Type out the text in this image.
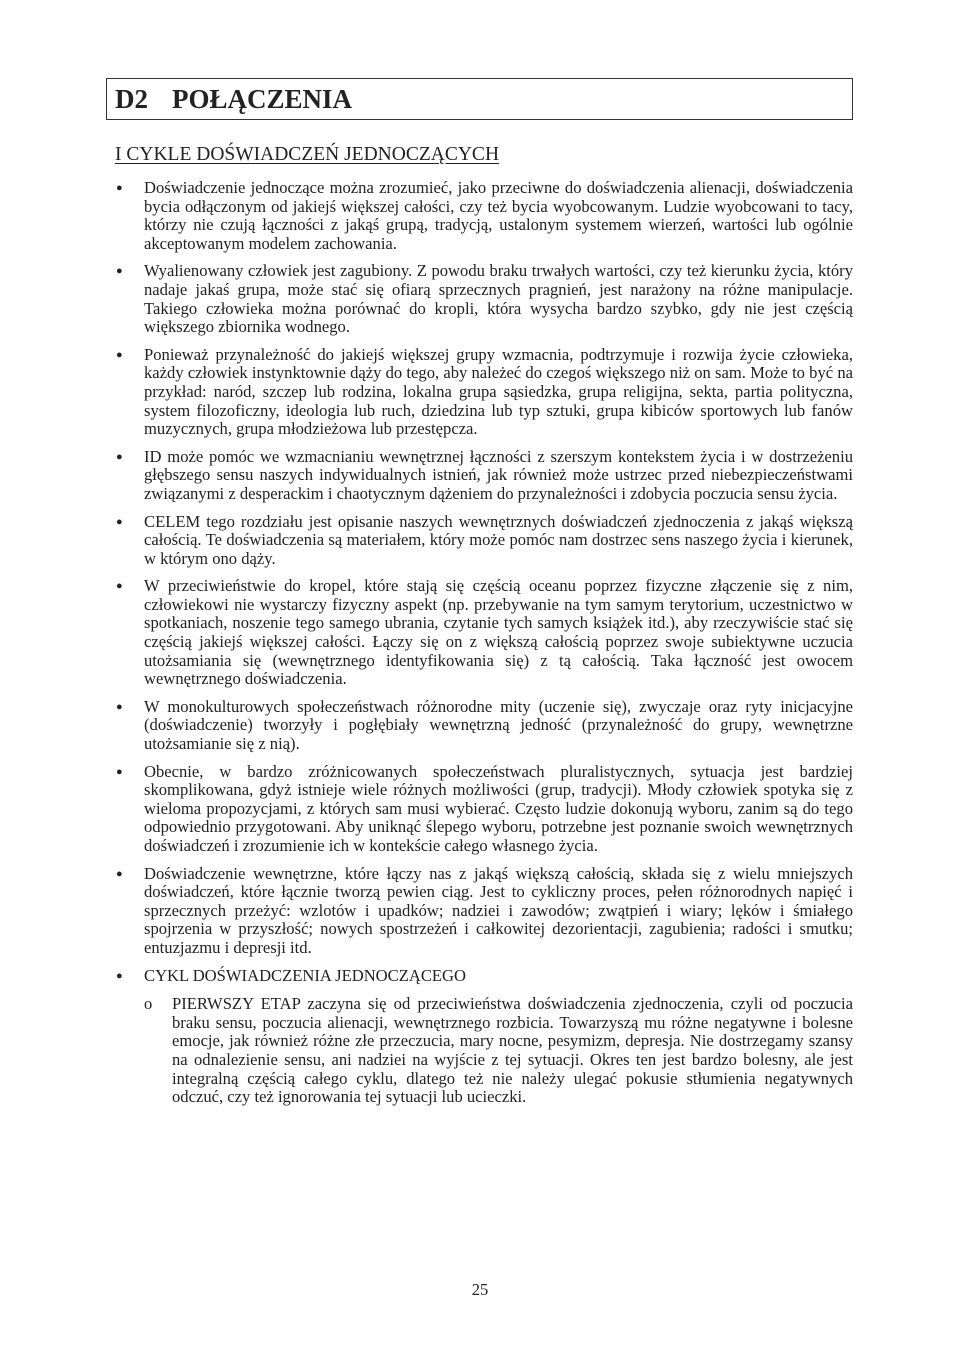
D2 POŁĄCZENIA
I CYKLE DOŚWIADCZEŃ JEDNOCZĄCYCH
● Doświadczenie jednoczące można zrozumieć, jako przeciwne do doświadczenia alienacji, doświadczenia bycia odłączonym od jakiejś większej całości, czy też bycia wyobcowanym. Ludzie wyobcowani to tacy, którzy nie czują łączności z jakąś grupą, tradycją, ustalonym systemem wierzeń, wartości lub ogólnie akceptowanym modelem zachowania.
● Wyalienowany człowiek jest zagubiony. Z powodu braku trwałych wartości, czy też kierunku życia, który nadaje jakaś grupa, może stać się ofiarą sprzecznych pragnień, jest narażony na różne manipulacje. Takiego człowieka można porównać do kropli, która wysycha bardzo szybko, gdy nie jest częścią większego zbiornika wodnego.
● Ponieważ przynależność do jakiejś większej grupy wzmacnia, podtrzymuje i rozwija życie człowieka, każdy człowiek instynktownie dąży do tego, aby należeć do czegoś większego niż on sam. Może to być na przykład: naród, szczep lub rodzina, lokalna grupa sąsiedzka, grupa religijna, sekta, partia polityczna, system filozoficzny, ideologia lub ruch, dziedzina lub typ sztuki, grupa kibiców sportowych lub fanów muzycznych, grupa młodzieżowa lub przestępcza.
● ID może pomóc we wzmacnianiu wewnętrznej łączności z szerszym kontekstem życia i w dostrzeżeniu głębszego sensu naszych indywidualnych istnień, jak również może ustrzec przed niebezpieczeństwami związanymi z desperackim i chaotycznym dążeniem do przynależności i zdobycia poczucia sensu życia.
● CELEM tego rozdziału jest opisanie naszych wewnętrznych doświadczeń zjednoczenia z jakąś większą całością. Te doświadczenia są materiałem, który może pomóc nam dostrzec sens naszego życia i kierunek, w którym ono dąży.
● W przeciwieństwie do kropel, które stają się częścią oceanu poprzez fizyczne złączenie się z nim, człowiekowi nie wystarczy fizyczny aspekt (np. przebywanie na tym samym terytorium, uczestnictwo w spotkaniach, noszenie tego samego ubrania, czytanie tych samych książek itd.), aby rzeczywiście stać się częścią jakiejś większej całości. Łączy się on z większą całością poprzez swoje subiektywne uczucia utożsamiania się (wewnętrznego identyfikowania się) z tą całością. Taka łączność jest owocem wewnętrznego doświadczenia.
● W monokulturowych społeczeństwach różnorodne mity (uczenie się), zwyczaje oraz ryty inicjacyjne (doświadczenie) tworzyły i pogłębiały wewnętrzną jedność (przynależność do grupy, wewnętrzne utożsamianie się z nią).
● Obecnie, w bardzo zróżnicowanych społeczeństwach pluralistycznych, sytuacja jest bardziej skomplikowana, gdyż istnieje wiele różnych możliwości (grup, tradycji). Młody człowiek spotyka się z wieloma propozycjami, z których sam musi wybierać. Często ludzie dokonują wyboru, zanim są do tego odpowiednio przygotowani. Aby uniknąć ślepego wyboru, potrzebne jest poznanie swoich wewnętrznych doświadczeń i zrozumienie ich w kontekście całego własnego życia.
● Doświadczenie wewnętrzne, które łączy nas z jakąś większą całością, składa się z wielu mniejszych doświadczeń, które łącznie tworzą pewien ciąg. Jest to cykliczny proces, pełen różnorodnych napięć i sprzecznych przeżyć: wzlotów i upadków; nadziei i zawodów; zwątpień i wiary; lęków i śmiałego spojrzenia w przyszłość; nowych spostrzeżeń i całkowitej dezorientacji, zagubienia; radości i smutku; entuzjazmu i depresji itd.
● CYKL DOŚWIADCZENIA JEDNOCZĄCEGO
o PIERWSZY ETAP zaczyna się od przeciwieństwa doświadczenia zjednoczenia, czyli od poczucia braku sensu, poczucia alienacji, wewnętrznego rozbicia. Towarzyszą mu różne negatywne i bolesne emocje, jak również różne złe przeczucia, mary nocne, pesymizm, depresja. Nie dostrzegamy szansy na odnalezienie sensu, ani nadziei na wyjście z tej sytuacji. Okres ten jest bardzo bolesny, ale jest integralną częścią całego cyklu, dlatego też nie należy ulegać pokusie stłumienia negatywnych odczuć, czy też ignorowania tej sytuacji lub ucieczki.
25
